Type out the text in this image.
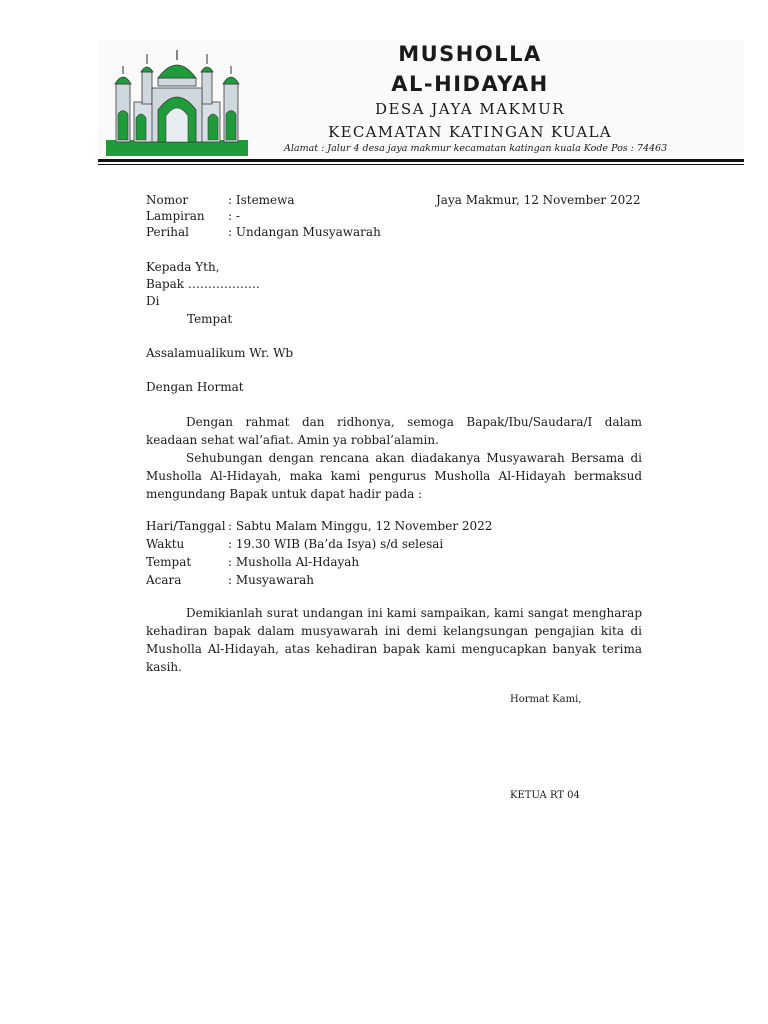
MUSHOLLA
AL-HIDAYAH
DESA JAYA MAKMUR
KECAMATAN KATINGAN KUALA
Alamat : Jalur 4 desa jaya makmur kecamatan katingan kuala Kode Pos : 74463
Nomor	: Istemewa
Lampiran : -
Perihal	: Undangan Musyawarah
Jaya Makmur, 12 November 2022
Kepada Yth,
Bapak ………………
Di
Tempat
Assalamualikum Wr. Wb
Dengan Hormat
Dengan rahmat dan ridhonya, semoga Bapak/Ibu/Saudara/I dalam keadaan sehat wal’afiat. Amin ya robbal’alamin.
Sehubungan dengan rencana akan diadakanya Musyawarah Bersama di Musholla Al-Hidayah, maka kami pengurus Musholla Al-Hidayah bermaksud mengundang Bapak untuk dapat hadir pada :
Hari/Tanggal : Sabtu Malam Minggu, 12 November 2022
Waktu	: 19.30 WIB (Ba’da Isya) s/d selesai
Tempat	: Musholla Al-Hdayah
Acara	: Musyawarah
Demikianlah surat undangan ini kami sampaikan, kami sangat mengharap kehadiran bapak dalam musyawarah ini demi kelangsungan pengajian kita di Musholla Al-Hidayah, atas kehadiran bapak kami mengucapkan banyak terima kasih.
Hormat Kami,
KETUA RT 04
